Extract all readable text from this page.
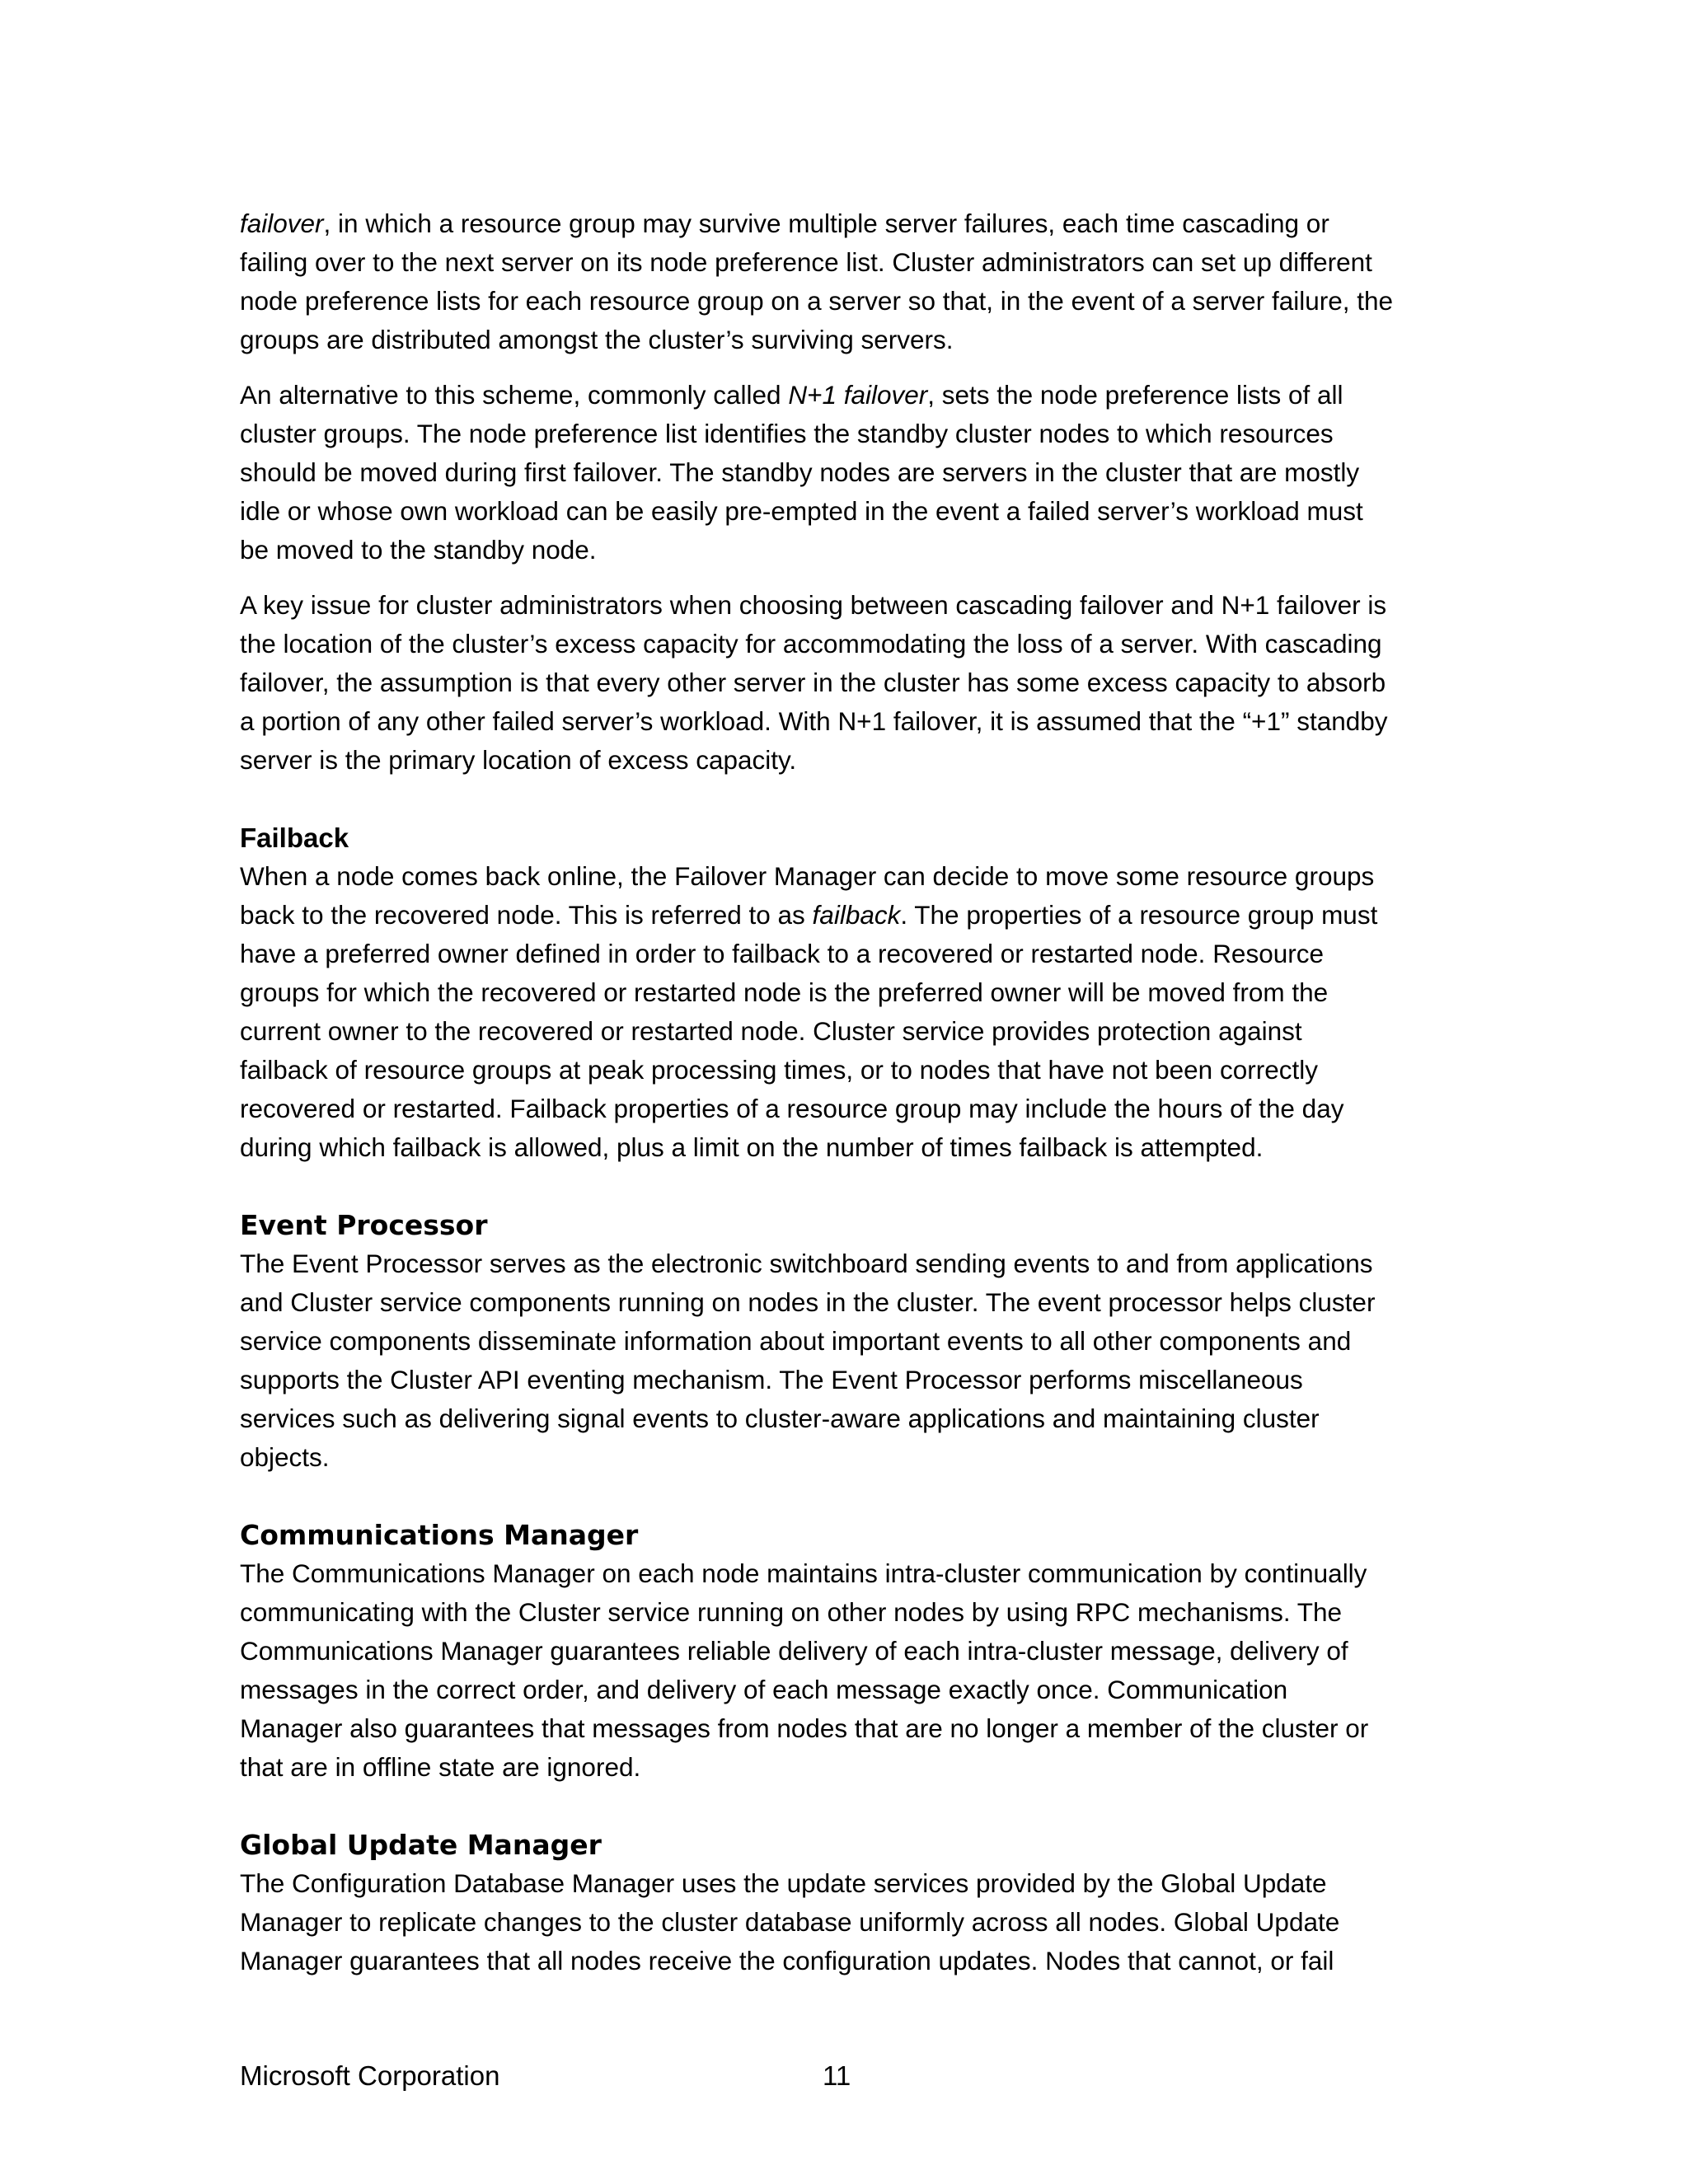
failover, in which a resource group may survive multiple server failures, each time cascading or failing over to the next server on its node preference list. Cluster administrators can set up different node preference lists for each resource group on a server so that, in the event of a server failure, the groups are distributed amongst the cluster’s surviving servers.

An alternative to this scheme, commonly called N+1 failover, sets the node preference lists of all cluster groups. The node preference list identifies the standby cluster nodes to which resources should be moved during first failover. The standby nodes are servers in the cluster that are mostly idle or whose own workload can be easily pre-empted in the event a failed server’s workload must be moved to the standby node.

A key issue for cluster administrators when choosing between cascading failover and N+1 failover is the location of the cluster’s excess capacity for accommodating the loss of a server. With cascading failover, the assumption is that every other server in the cluster has some excess capacity to absorb a portion of any other failed server’s workload. With N+1 failover, it is assumed that the “+1” standby server is the primary location of excess capacity.

Failback

When a node comes back online, the Failover Manager can decide to move some resource groups back to the recovered node. This is referred to as failback. The properties of a resource group must have a preferred owner defined in order to failback to a recovered or restarted node. Resource groups for which the recovered or restarted node is the preferred owner will be moved from the current owner to the recovered or restarted node. Cluster service provides protection against failback of resource groups at peak processing times, or to nodes that have not been correctly recovered or restarted. Failback properties of a resource group may include the hours of the day during which failback is allowed, plus a limit on the number of times failback is attempted.

Event Processor

The Event Processor serves as the electronic switchboard sending events to and from applications and Cluster service components running on nodes in the cluster. The event processor helps cluster service components disseminate information about important events to all other components and supports the Cluster API eventing mechanism. The Event Processor performs miscellaneous services such as delivering signal events to cluster-aware applications and maintaining cluster objects.

Communications Manager

The Communications Manager on each node maintains intra-cluster communication by continually communicating with the Cluster service running on other nodes by using RPC mechanisms. The Communications Manager guarantees reliable delivery of each intra-cluster message, delivery of messages in the correct order, and delivery of each message exactly once. Communication Manager also guarantees that messages from nodes that are no longer a member of the cluster or that are in offline state are ignored.

Global Update Manager

The Configuration Database Manager uses the update services provided by the Global Update Manager to replicate changes to the cluster database uniformly across all nodes. Global Update Manager guarantees that all nodes receive the configuration updates. Nodes that cannot, or fail

Microsoft Corporation	11
